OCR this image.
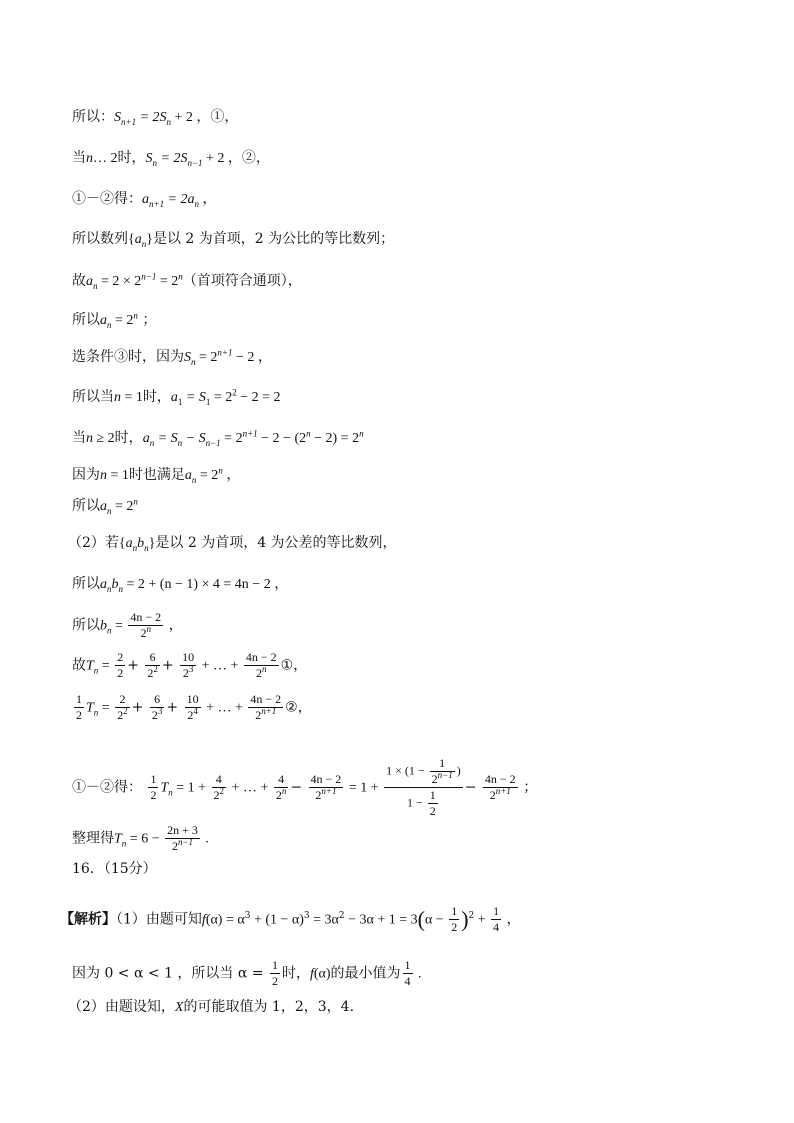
所以：$S_{n+1} = 2S_n + 2$ ，①，
当n… 2时，$S_n = 2S_{n-1} + 2$ ，②，
①－②得：$a_{n+1} = 2a_n$ ，
所以数列$\{a_n\}$是以 2 为首项，2 为公比的等比数列；
故$a_n = 2 \times 2^{n-1} = 2^n$（首项符合通项），
所以$a_n = 2^n$ ；
选条件③时，因为$S_n = 2^{n+1} - 2$ ，
所以当n = 1时，$a_1 = S_1 = 2^2 - 2 = 2$
当n ≥ 2时，$a_n = S_n - S_{n-1} = 2^{n+1} - 2 - (2^n - 2) = 2^n$
因为n = 1时也满足$a_n = 2^n$ ，
所以$a_n = 2^n$
（2）若$\{a_nb_n\}$是以 2 为首项，4 为公差的等比数列，
所以$a_nb_n = 2 + (n - 1) \times 4 = 4n - 2$ ，
所以$b_n = \frac{4n - 2}{2^n}$ ，
故$T_n = \frac{2}{2} + \frac{6}{2^2} + \frac{10}{2^3}$ + … + $\frac{4n - 2}{2^n}$ ①，
$\frac{1}{2} T_n = \frac{2}{2^2} + \frac{6}{2^3} + \frac{10}{2^4}$ + … + $\frac{4n - 2}{2^{n+1}}$ ②，
①－②得： $\frac{1}{2} T_n = 1 + \frac{4}{2^2}$ + … + $\frac{4}{2^n} - \frac{4n - 2}{2^{n+1}} = 1 + \frac{1 \times (1 - \frac{1}{2^{n-1}} )}{1 - \frac{1}{2}} - \frac{4n - 2}{2^{n+1}}$ ；
整理得$T_n = 6 - \frac{2n + 3}{2^{n-1}}$ .
16．（15分）
【解析】（1）由题可知$f(\alpha) = \alpha^3 + (1 - \alpha)^3 = 3\alpha^2 - 3\alpha + 1 = 3(\alpha - \frac{1}{2} )^2 + \frac{1}{4}$ ，
因为 0 < α < 1 ，所以当 $\alpha = \frac{1}{2}$ 时，f(α)的最小值为 $\frac{1}{4}$ .
（2）由题设知，X的可能取值为 1，2，3，4.
